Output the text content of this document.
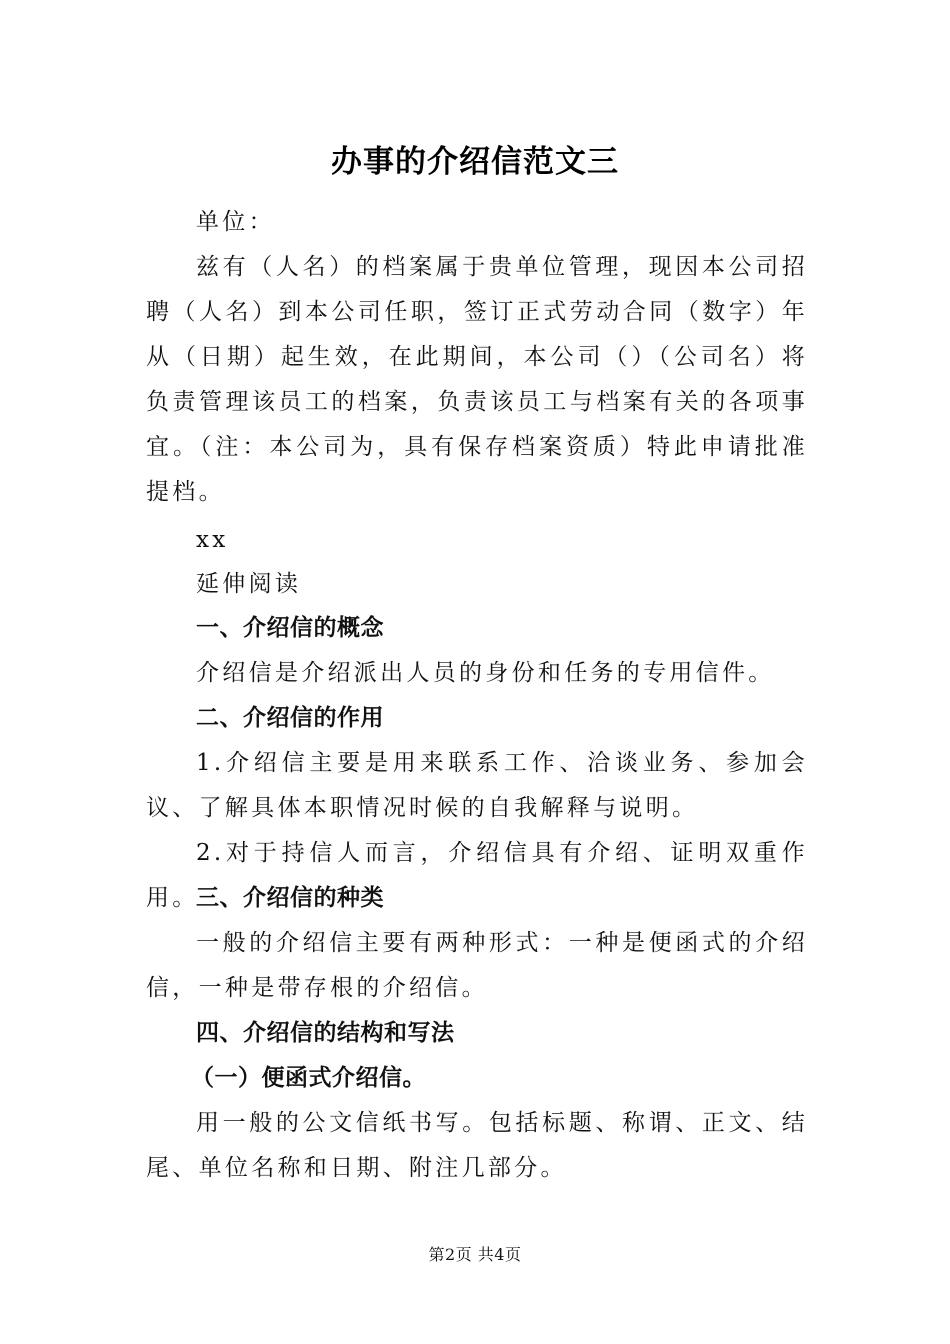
办事的介绍信范文三

单位：

兹有（人名）的档案属于贵单位管理，现因本公司招聘（人名）到本公司任职，签订正式劳动合同（数字）年从（日期）起生效，在此期间，本公司（）（公司名）将负责管理该员工的档案，负责该员工与档案有关的各项事宜。（注：本公司为，具有保存档案资质）特此申请批准提档。

xx

延伸阅读

一、介绍信的概念

介绍信是介绍派出人员的身份和任务的专用信件。

二、介绍信的作用

1.介绍信主要是用来联系工作、洽谈业务、参加会议、了解具体本职情况时候的自我解释与说明。

2.对于持信人而言，介绍信具有介绍、证明双重作用。

三、介绍信的种类

一般的介绍信主要有两种形式：一种是便函式的介绍信，一种是带存根的介绍信。

四、介绍信的结构和写法

（一）便函式介绍信。

用一般的公文信纸书写。包括标题、称谓、正文、结尾、单位名称和日期、附注几部分。

第2页 共4页
